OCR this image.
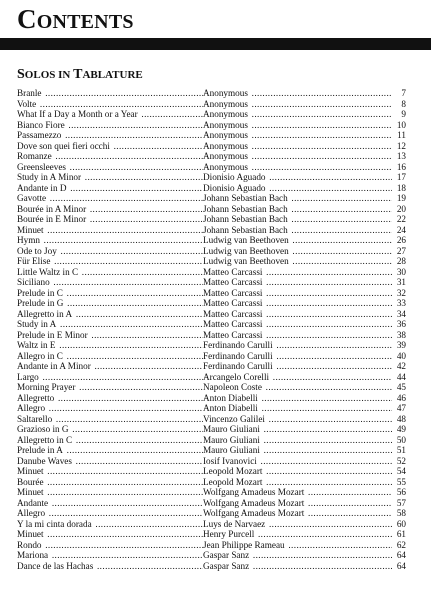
CONTENTS
SOLOS IN TABLATURE
Branle .....	Anonymous .....	7
Volte .....	Anonymous .....	8
What If a Day a Month or a Year .....	Anonymous .....	9
Bianco Fiore .....	Anonymous .....	10
Passamezzo .....	Anonymous .....	11
Dove son quei fieri occhi .....	Anonymous .....	12
Romanze .....	Anonymous .....	13
Greensleeves .....	Anonymous .....	16
Study in A Minor .....	Dionisio Aguado .....	17
Andante in D .....	Dionisio Aguado .....	18
Gavotte .....	Johann Sebastian Bach .....	19
Bourée in A Minor .....	Johann Sebastian Bach .....	20
Bourée in E Minor .....	Johann Sebastian Bach .....	22
Minuet .....	Johann Sebastian Bach .....	24
Hymn .....	Ludwig van Beethoven .....	26
Ode to Joy .....	Ludwig van Beethoven .....	27
Für Elise .....	Ludwig van Beethoven .....	28
Little Waltz in C .....	Matteo Carcassi .....	30
Siciliano .....	Matteo Carcassi .....	31
Prelude in C .....	Matteo Carcassi .....	32
Prelude in G .....	Matteo Carcassi .....	33
Allegretto in A .....	Matteo Carcassi .....	34
Study in A .....	Matteo Carcassi .....	36
Prelude in E Minor .....	Matteo Carcassi .....	38
Waltz in E .....	Ferdinando Carulli .....	39
Allegro in C .....	Ferdinando Carulli .....	40
Andante in A Minor .....	Ferdinando Carulli .....	42
Largo .....	Arcangelo Corelli .....	44
Morning Prayer .....	Napoleon Coste .....	45
Allegretto .....	Anton Diabelli .....	46
Allegro .....	Anton Diabelli .....	47
Saltarello .....	Vincenzo Galilei .....	48
Grazioso in G .....	Mauro Giuliani .....	49
Allegretto in C .....	Mauro Giuliani .....	50
Prelude in A .....	Mauro Giuliani .....	51
Danube Waves .....	Iosif Ivanovici .....	52
Minuet .....	Leopold Mozart .....	54
Bourée .....	Leopold Mozart .....	55
Minuet .....	Wolfgang Amadeus Mozart .....	56
Andante .....	Wolfgang Amadeus Mozart .....	57
Allegro .....	Wolfgang Amadeus Mozart .....	58
Y la mi cinta dorada .....	Luys de Narvaez .....	60
Minuet .....	Henry Purcell .....	61
Rondo .....	Jean Philippe Rameau .....	62
Mariona .....	Gaspar Sanz .....	64
Dance de las Hachas .....	Gaspar Sanz .....	64
